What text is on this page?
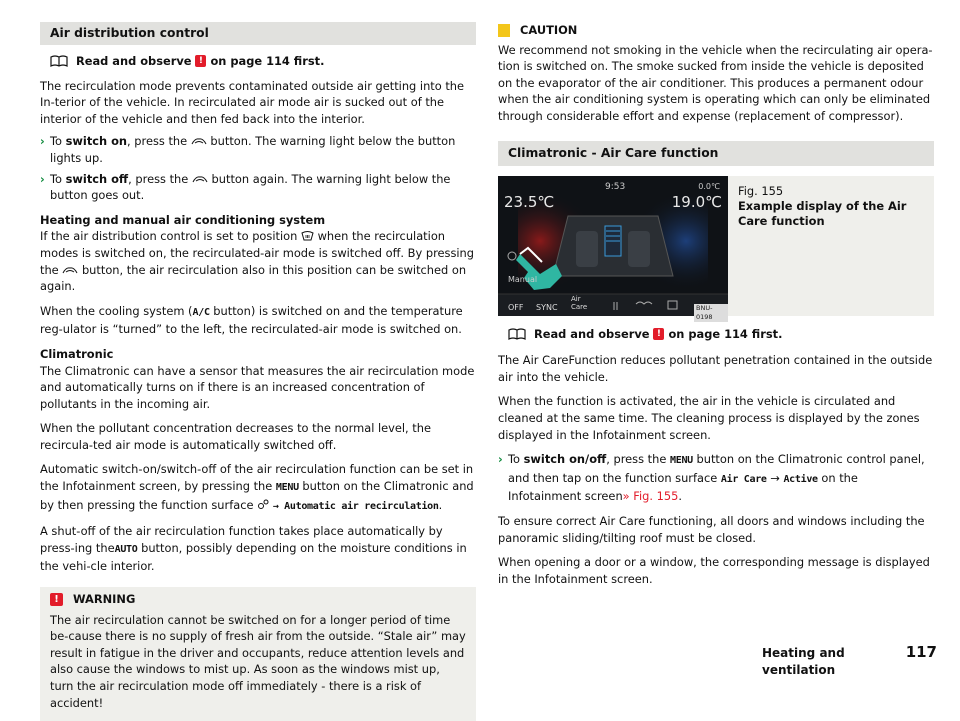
Air distribution control
Read and observe ! on page 114 first.

The recirculation mode prevents contaminated outside air getting into the In-terior of the vehicle. In recirculated air mode air is sucked out of the interior of the vehicle and then fed back into the interior.

› To switch on, press the button. The warning light below the button lights up.
› To switch off, press the button again. The warning light below the button goes out.

Heating and manual air conditioning system
If the air distribution control is set to position when the recirculation modes is switched on, the recirculated-air mode is switched off. By pressing the button, the air recirculation also in this position can be switched on again.

When the cooling system (A/C button) is switched on and the temperature reg-ulator is “turned” to the left, the recirculated-air mode is switched on.

Climatronic
The Climatronic can have a sensor that measures the air recirculation mode and automatically turns on if there is an increased concentration of pollutants in the incoming air.

When the pollutant concentration decreases to the normal level, the recircula-ted air mode is automatically switched off.

Automatic switch-on/switch-off of the air recirculation function can be set in the Infotainment screen, by pressing the MENU button on the Climatronic and by then pressing the function surface → Automatic air recirculation.

A shut-off of the air recirculation function takes place automatically by press-ing theAUTO button, possibly depending on the moisture conditions in the vehi-cle interior.

!	WARNING
The air recirculation cannot be switched on for a longer period of time be-cause there is no supply of fresh air from the outside. “Stale air” may result in fatigue in the driver and occupants, reduce attention levels and also cause the windows to mist up. As soon as the windows mist up, turn the air recirculation mode off immediately - there is a risk of accident!
CAUTION
We recommend not smoking in the vehicle when the recirculating air opera-tion is switched on. The smoke sucked from inside the vehicle is deposited on the evaporator of the air conditioner. This produces a permanent odour when the air conditioning system is operating which can only be eliminated through considerable effort and expense (replacement of compressor).
Climatronic - Air Care function
9:53	0.0℃
23.5℃	19.0℃
Manual
OFF SYNC
Air Care	BNU-0198
Fig. 155
Example display of the Air Care function
Read and observe ! on page 114 first.

The Air CareFunction reduces pollutant penetration contained in the outside air into the vehicle.

When the function is activated, the air in the vehicle is circulated and cleaned at the same time. The cleaning process is displayed by the zones displayed in the Infotainment screen.

› To switch on/off, press the MENU button on the Climatronic control panel, and then tap on the function surface Air Care → Active on the Infotainment screen» Fig. 155.

To ensure correct Air Care functioning, all doors and windows including the panoramic sliding/tilting roof must be closed.

When opening a door or a window, the corresponding message is displayed in the Infotainment screen.

Heating and ventilation
117
